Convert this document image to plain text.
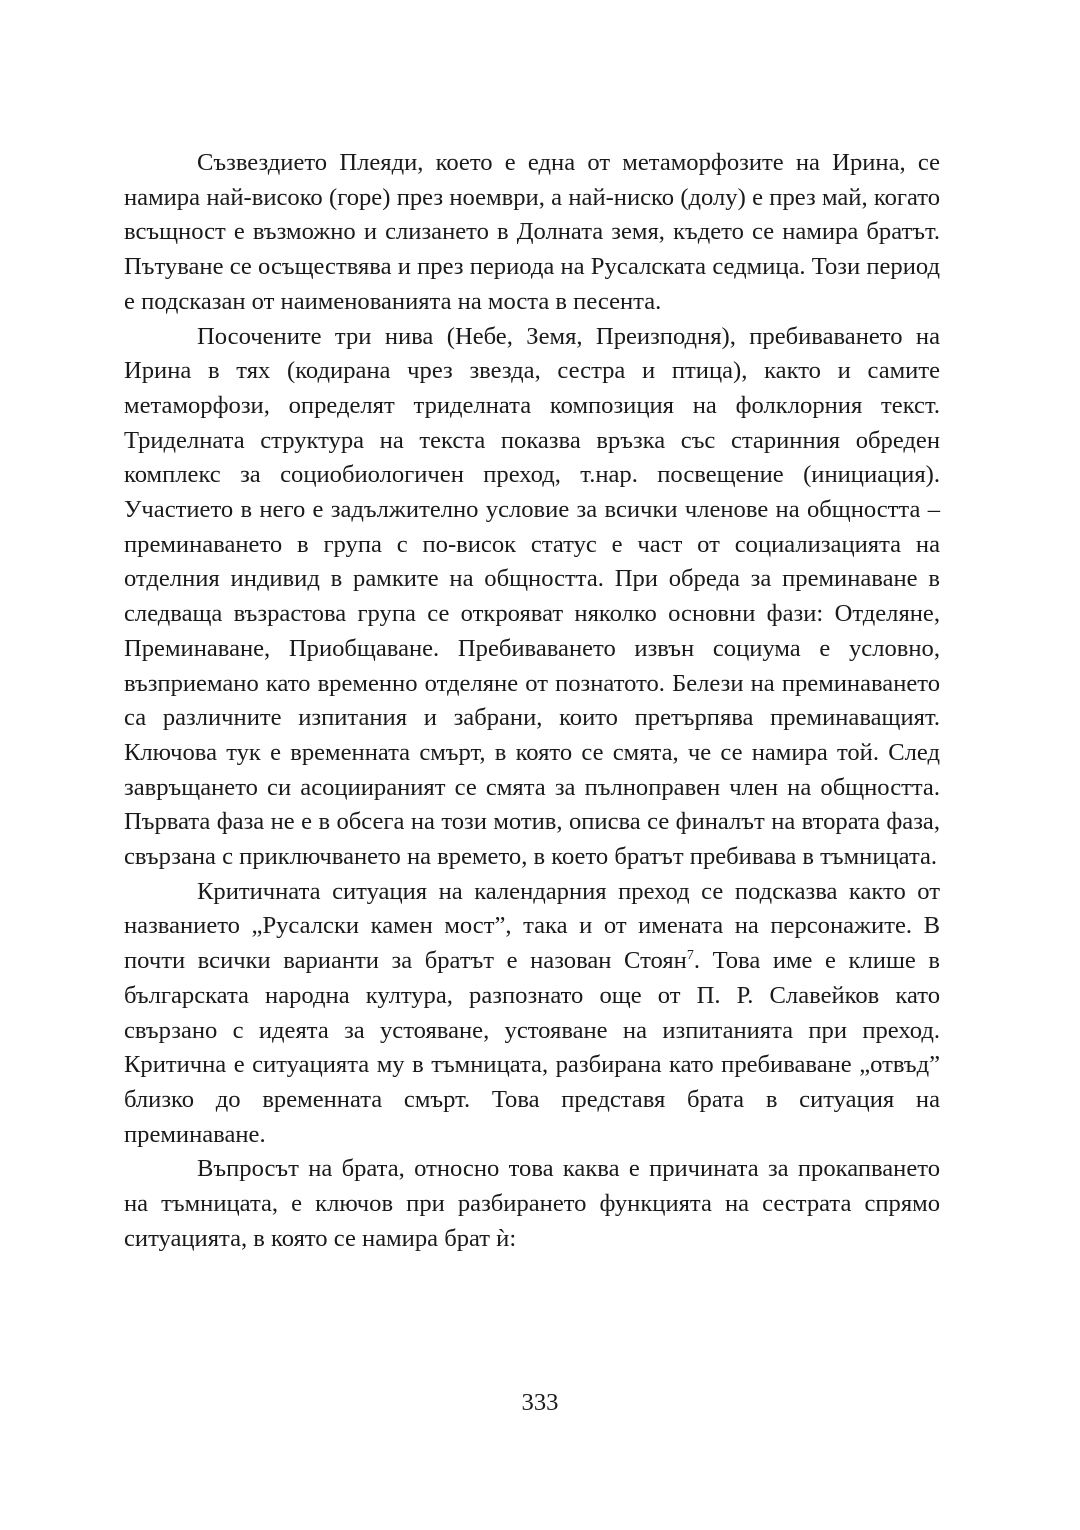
Съзвездието Плеяди, което е една от метаморфозите на Ирина, се намира най-високо (горе) през ноември, а най-ниско (долу) е през май, когато всъщност е възможно и слизането в Долната земя, където се намира братът. Пътуване се осъществява и през периода на Русалската седмица. Този период е подсказан от наименованията на моста в песента.

Посочените три нива (Небе, Земя, Преизподня), пребиваването на Ирина в тях (кодирана чрез звезда, сестра и птица), както и самите метаморфози, определят триделната композиция на фолклорния текст. Триделната структура на текста показва връзка със старинния обреден комплекс за социобиологичен преход, т.нар. посвещение (инициация). Участието в него е задължително условие за всички членове на общността – преминаването в група с по-висок статус е част от социализацията на отделния индивид в рамките на общността. При обреда за преминаване в следваща възрастова група се открояват няколко основни фази: Отделяне, Преминаване, Приобщаване. Пребиваването извън социума е условно, възприемано като временно отделяне от познатото. Белези на преминаването са различните изпитания и забрани, които претърпява преминаващият. Ключова тук е временната смърт, в която се смята, че се намира той. След завръщането си асоциираният се смята за пълноправен член на общността. Първата фаза не е в обсега на този мотив, описва се финалът на втората фаза, свързана с приключването на времето, в което братът пребивава в тъмницата.

Критичната ситуация на календарния преход се подсказва както от названието „Русалски камен мост”, така и от имената на персонажите. В почти всички варианти за братът е назован Стоян$^7$. Това име е клише в българската народна култура, разпознато още от П. Р. Славейков като свързано с идеята за устояване, устояване на изпитанията при преход. Критична е ситуацията му в тъмницата, разбирана като пребиваване „отвъд” близко до временната смърт. Това представя брата в ситуация на преминаване.

Въпросът на брата, относно това каква е причината за прокапването на тъмницата, е ключов при разбирането функцията на сестрата спрямо ситуацията, в която се намира брат ѝ:

333
